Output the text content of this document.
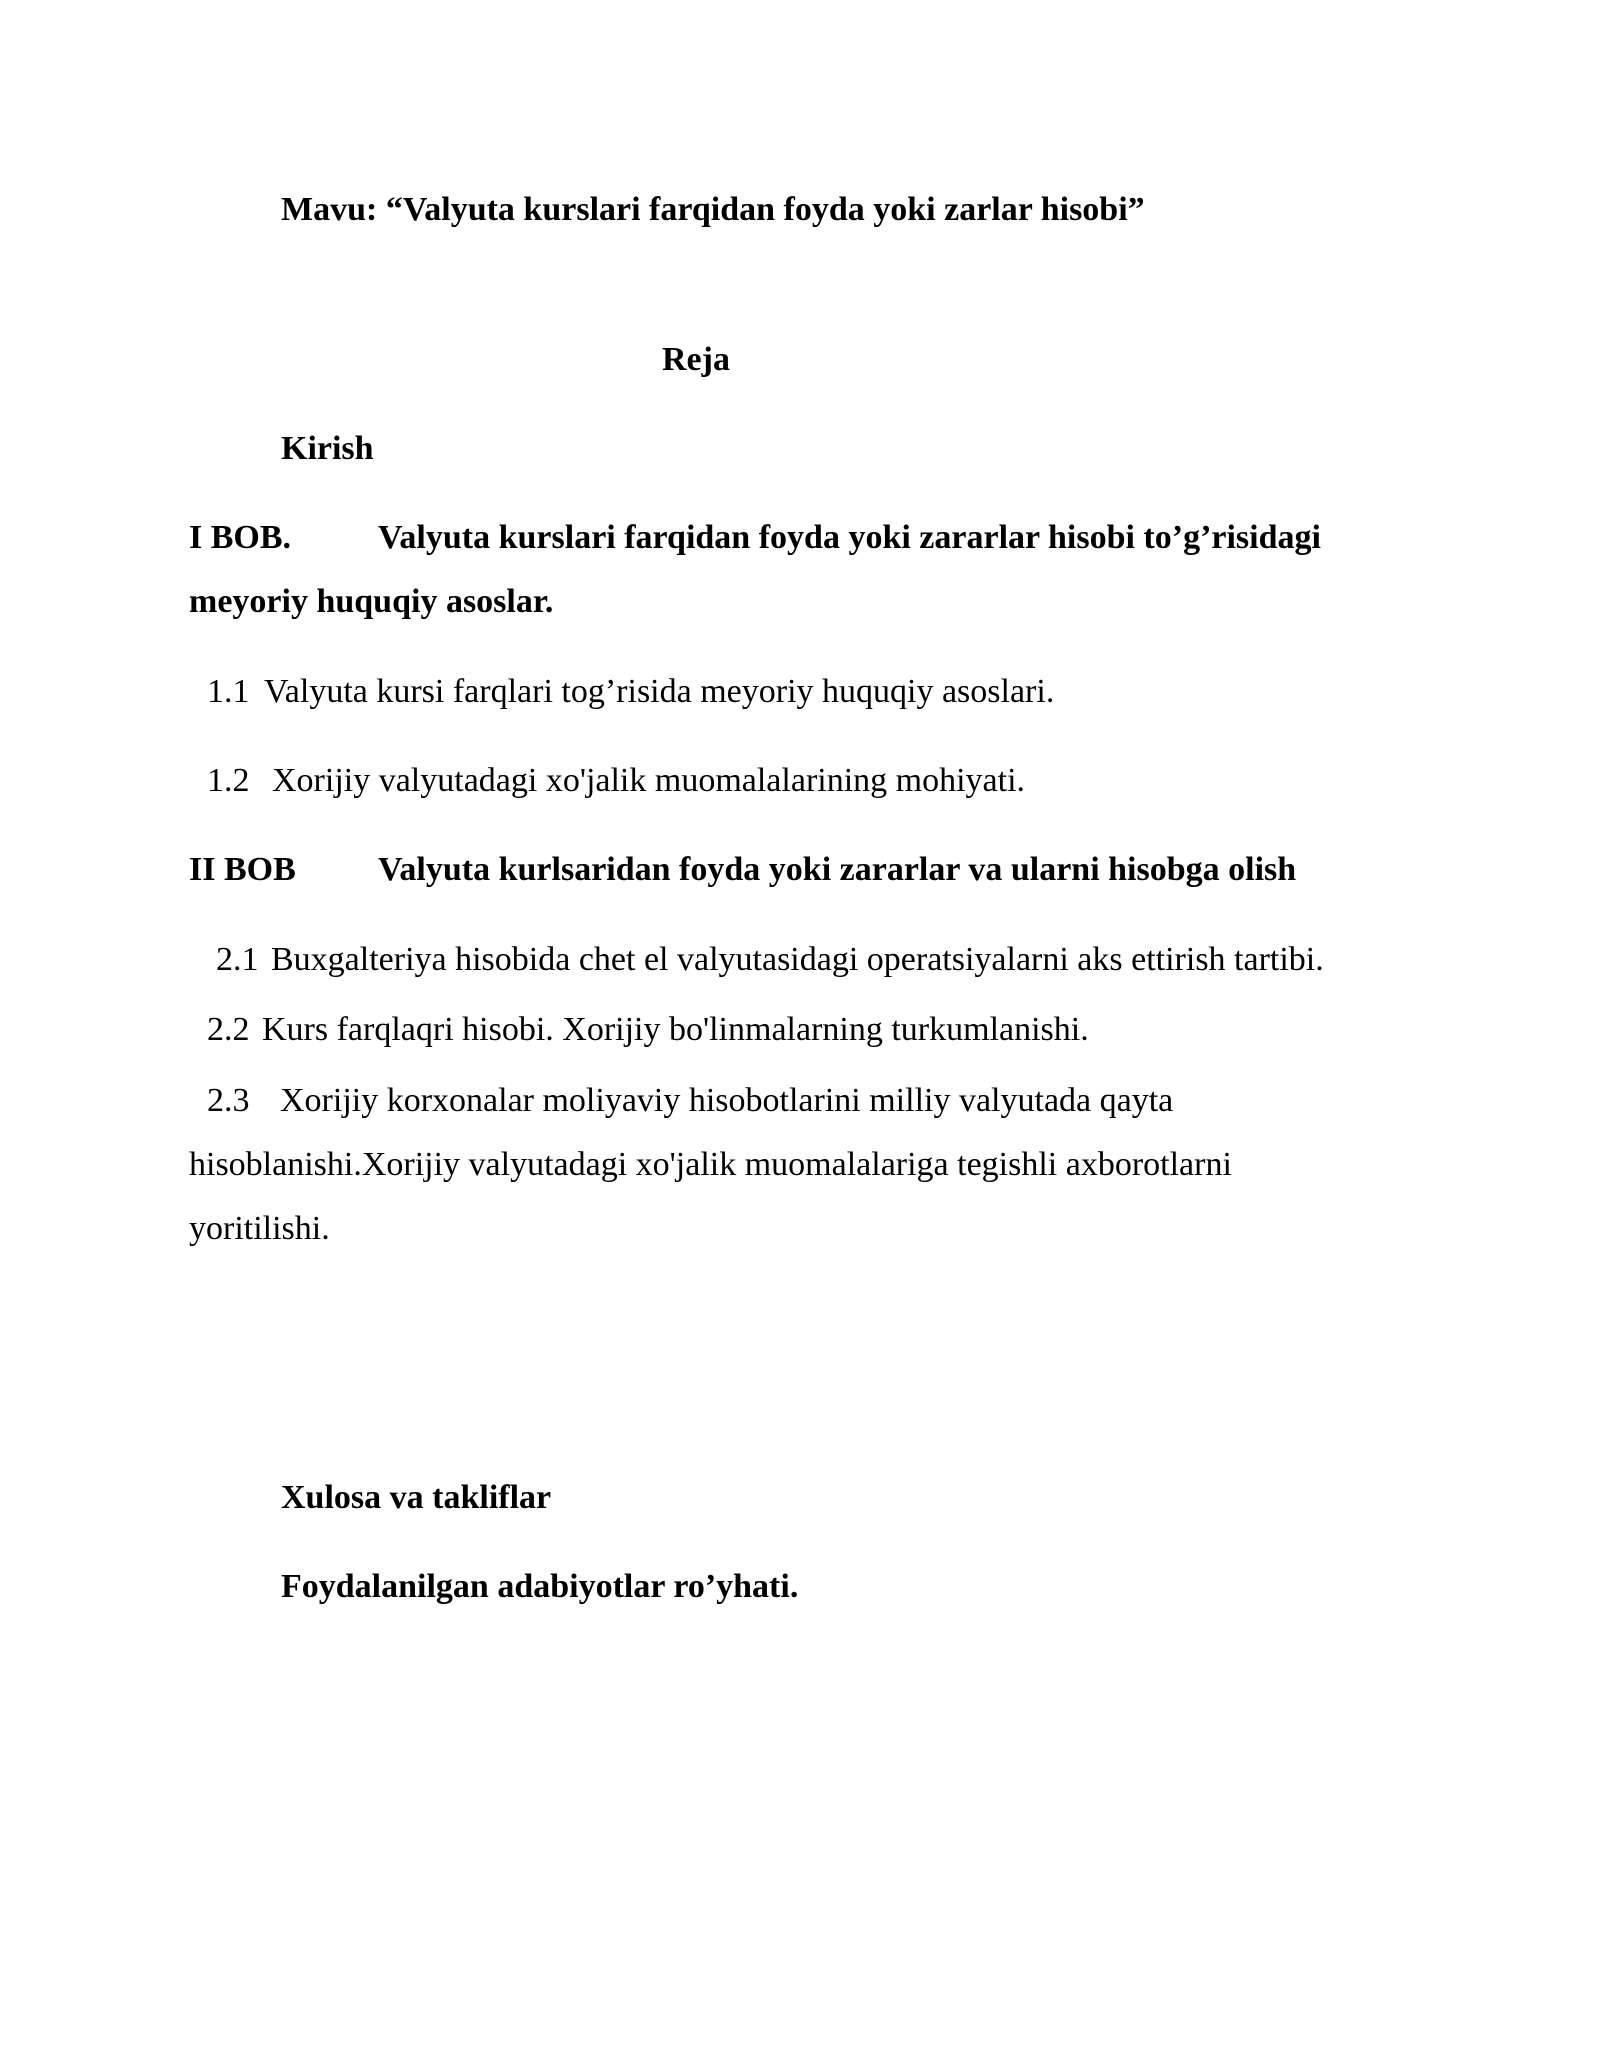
Mavu: “Valyuta kurslari farqidan foyda yoki zarlar hisobi”
Reja
Kirish
I BOB.	Valyuta kurslari farqidan foyda yoki zararlar hisobi to’g’risidagi
meyoriy huquqiy asoslar.
1.1 Valyuta kursi farqlari tog’risida meyoriy huquqiy asoslari.
1.2 Xorijiy valyutadagi xo'jalik muomalalarining mohiyati.
II BOB Valyuta kurlsaridan foyda yoki zararlar va ularni hisobga olish
2.1 Buxgalteriya hisobida chet el valyutasidagi operatsiyalarni aks ettirish tartibi.
2.2 Kurs farqlaqri hisobi. Xorijiy bo'linmalarning turkumlanishi.
2.3 Xorijiy korxonalar moliyaviy hisobotlarini milliy valyutada qayta
hisoblanishi.Xorijiy valyutadagi xo'jalik muomalalariga tegishli axborotlarni
yoritilishi.
Xulosa va takliflar
Foydalanilgan adabiyotlar ro’yhati.
